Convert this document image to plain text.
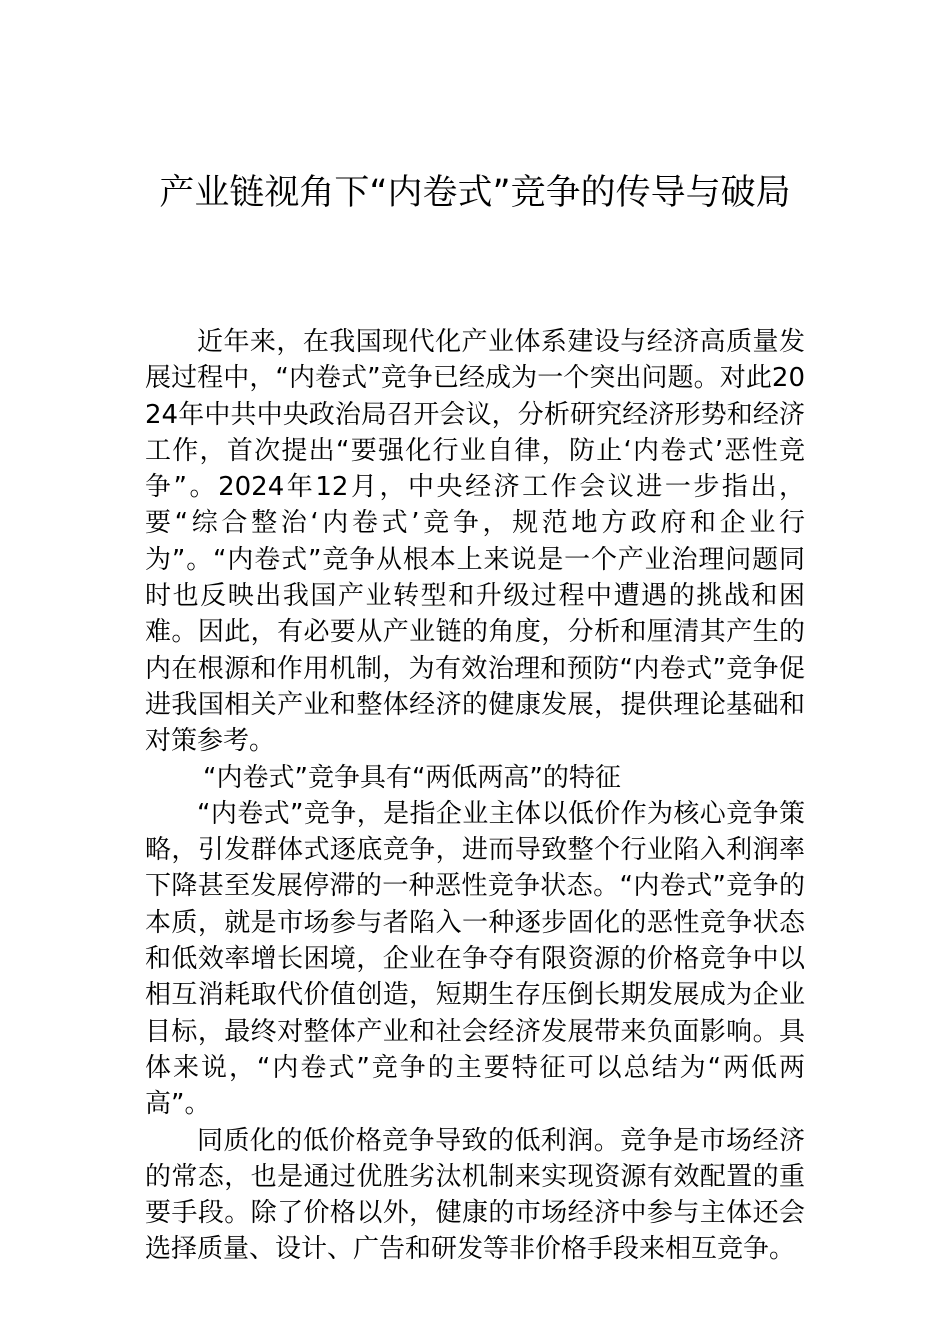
产业链视角下“内卷式”竞争的传导与破局

近年来，在我国现代化产业体系建设与经济高质量发展过程中，“内卷式”竞争已经成为一个突出问题。对此2024年中共中央政治局召开会议，分析研究经济形势和经济工作，首次提出“要强化行业自律，防止‘内卷式’恶性竞争”。2024年12月，中央经济工作会议进一步指出，要“综合整治‘内卷式’竞争，规范地方政府和企业行为”。“内卷式”竞争从根本上来说是一个产业治理问题同时也反映出我国产业转型和升级过程中遭遇的挑战和困难。因此，有必要从产业链的角度，分析和厘清其产生的内在根源和作用机制，为有效治理和预防“内卷式”竞争促进我国相关产业和整体经济的健康发展，提供理论基础和对策参考。

“内卷式”竞争具有“两低两高”的特征

“内卷式”竞争，是指企业主体以低价作为核心竞争策略，引发群体式逐底竞争，进而导致整个行业陷入利润率下降甚至发展停滞的一种恶性竞争状态。“内卷式”竞争的本质，就是市场参与者陷入一种逐步固化的恶性竞争状态和低效率增长困境，企业在争夺有限资源的价格竞争中以相互消耗取代价值创造，短期生存压倒长期发展成为企业目标，最终对整体产业和社会经济发展带来负面影响。具体来说，“内卷式”竞争的主要特征可以总结为“两低两高”。

同质化的低价格竞争导致的低利润。竞争是市场经济的常态，也是通过优胜劣汰机制来实现资源有效配置的重要手段。除了价格以外，健康的市场经济中参与主体还会选择质量、设计、广告和研发等非价格手段来相互竞争。
